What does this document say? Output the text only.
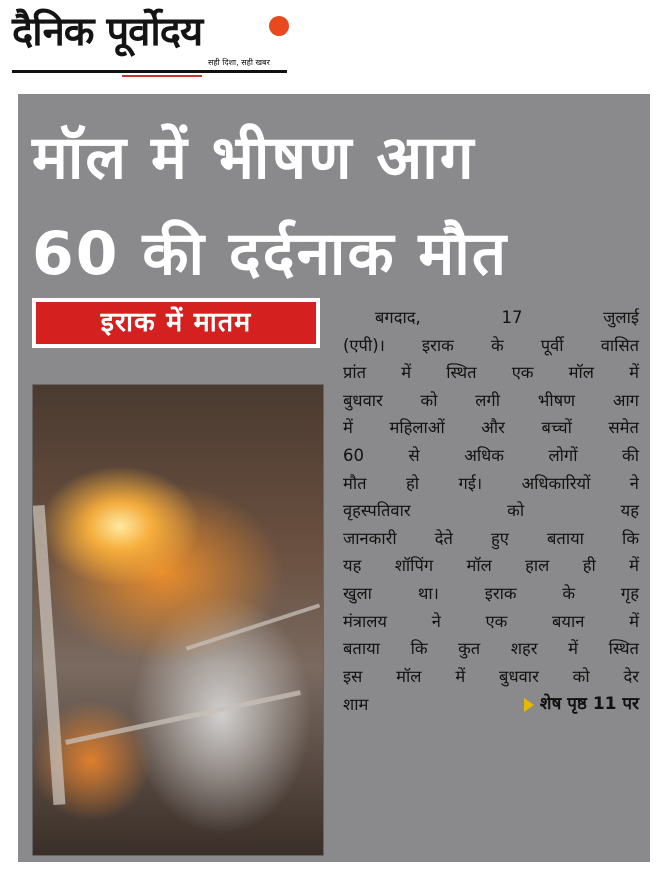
दैनिक पूर्वोदय
सही दिशा, सही खबर
मॉल में भीषण आग
60 की दर्दनाक मौत
इराक में मातम	बगदाद,	17	जुलाई
(एपी)। इराक के पूर्वी वासित
प्रांत में स्थित एक मॉल में
बुधवार को लगी भीषण आग
में महिलाओं और बच्चों समेत
60	से	अधिक	लोगों	की
मौत हो गई। अधिकारियों ने
वृहस्पतिवार	को	यह
जानकारी देते हुए बताया कि
यह शॉपिंग मॉल हाल ही में
खुला	था।	इराक	के	गृह
मंत्रालय	ने	एक	बयान	में
बताया कि कुत शहर में स्थित
इस मॉल में बुधवार को देर
शाम	शेष पृष्ठ 11 पर
